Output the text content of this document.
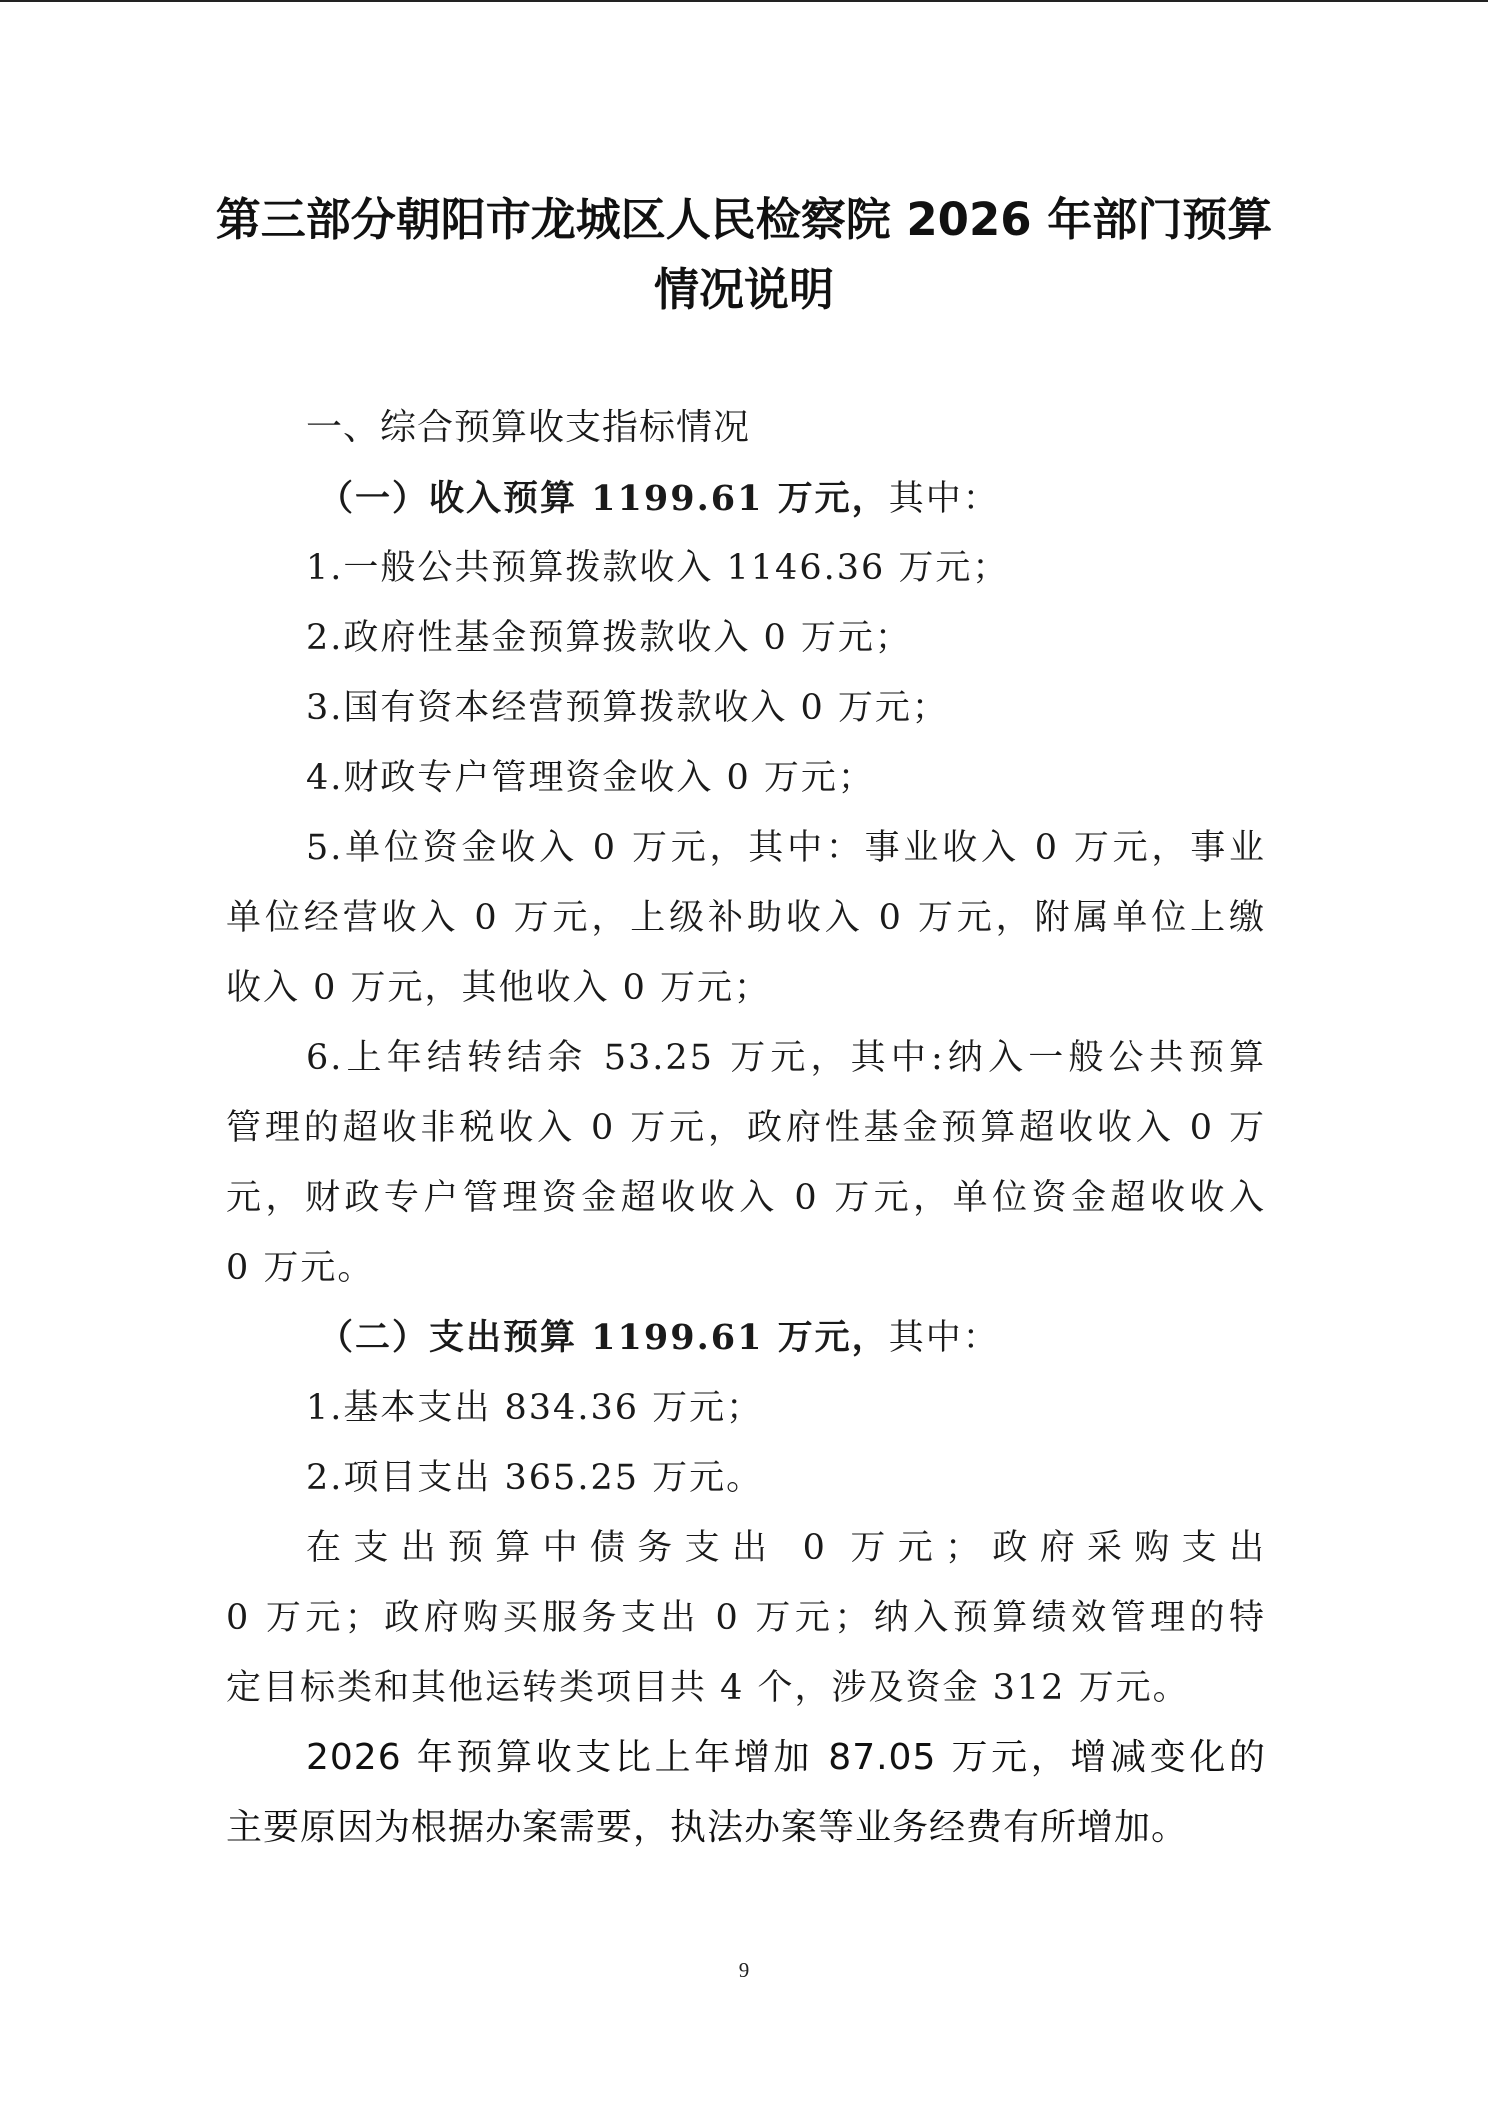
第三部分朝阳市龙城区人民检察院 2026 年部门预算
情况说明

一、综合预算收支指标情况

（一）收入预算 1199.61 万元，其中：

1.一般公共预算拨款收入 1146.36 万元；

2.政府性基金预算拨款收入 0 万元；

3.国有资本经营预算拨款收入 0 万元；

4.财政专户管理资金收入 0 万元；

5.单位资金收入 0 万元，其中：事业收入 0 万元，事业

单位经营收入 0 万元，上级补助收入 0 万元，附属单位上缴

收入 0 万元，其他收入 0 万元；

6.上年结转结余 53.25 万元，其中:纳入一般公共预算

管理的超收非税收入 0 万元，政府性基金预算超收收入 0 万

元，财政专户管理资金超收收入 0 万元，单位资金超收收入

0 万元。

（二）支出预算 1199.61 万元，其中：

1.基本支出 834.36 万元；

2.项目支出 365.25 万元。

在支出预算中债务支出 0 万元；政府采购支出

0 万元；政府购买服务支出 0 万元；纳入预算绩效管理的特

定目标类和其他运转类项目共 4 个，涉及资金 312 万元。

2026 年预算收支比上年增加 87.05 万元，增减变化的

主要原因为根据办案需要，执法办案等业务经费有所增加。

9
